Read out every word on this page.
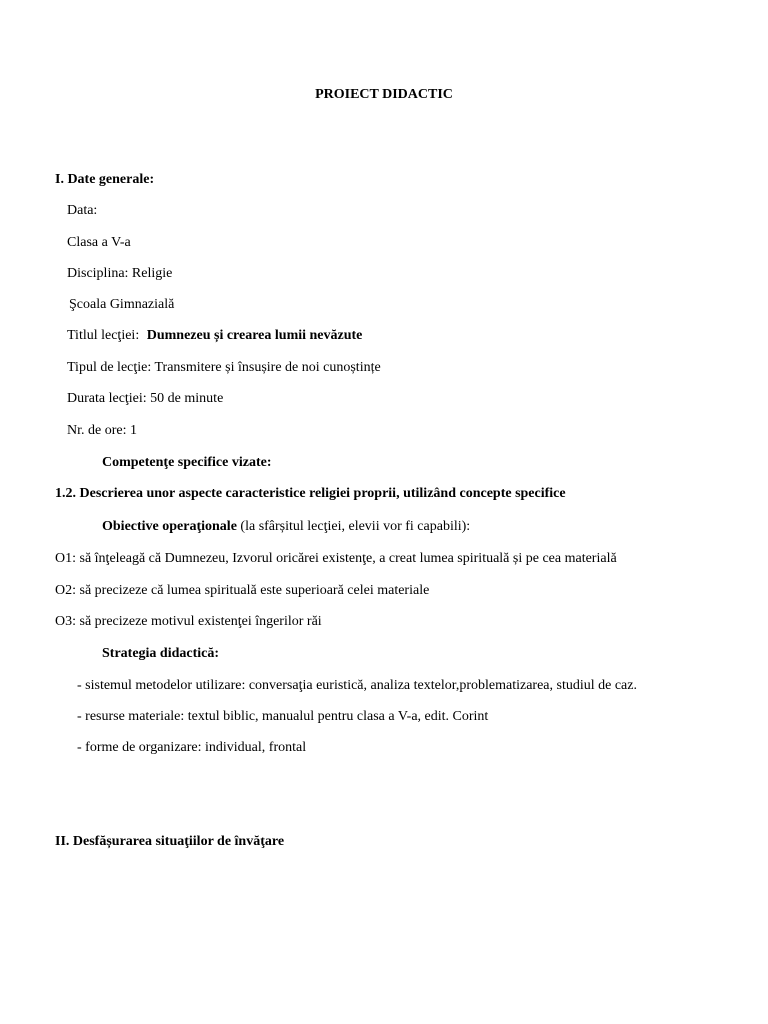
PROIECT DIDACTIC
I. Date generale:
Data:
Clasa a V-a
Disciplina: Religie
Şcoala Gimnazială
Titlul lecţiei: Dumnezeu și crearea lumii nevăzute
Tipul de lecţie: Transmitere și însușire de noi cunoștințe
Durata lecţiei: 50 de minute
Nr. de ore: 1
Competenţe specifice vizate:
1.2. Descrierea unor aspecte caracteristice religiei proprii, utilizând concepte specifice
Obiective operaţionale (la sfârșitul lecţiei, elevii vor fi capabili):
O1: să înţeleagă că Dumnezeu, Izvorul oricărei existenţe, a creat lumea spirituală și pe cea materială
O2: să precizeze că lumea spirituală este superioară celei materiale
O3: să precizeze motivul existenţei îngerilor răi
Strategia didactică:
- sistemul metodelor utilizare: conversaţia euristică, analiza textelor,problematizarea, studiul de caz.
- resurse materiale: textul biblic, manualul pentru clasa a V-a, edit. Corint
- forme de organizare: individual, frontal
II. Desfășurarea situaţiilor de învăţare
